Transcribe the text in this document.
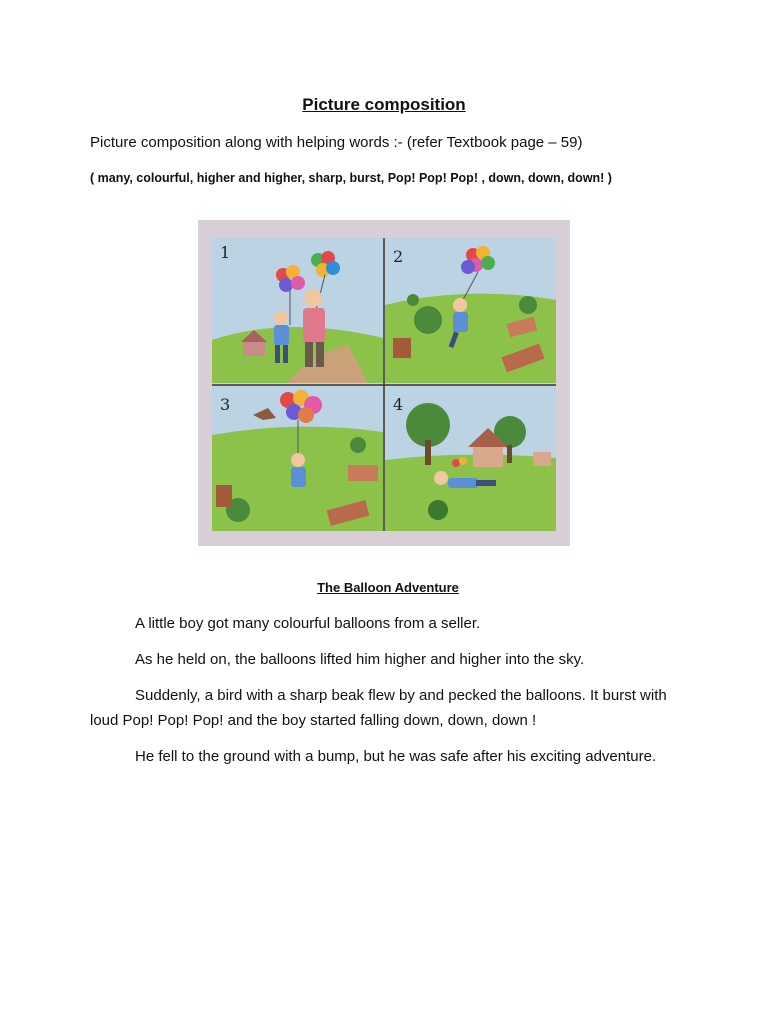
Picture composition
Picture composition along with helping words :- (refer Textbook page – 59)
( many, colourful, higher and higher, sharp, burst, Pop! Pop! Pop! , down, down, down! )
1	2
3	4
The Balloon Adventure
A little boy got many colourful balloons from a seller.
As he held on, the balloons lifted him higher and higher into the sky.
Suddenly, a bird with a sharp beak flew by and pecked the balloons. It burst with loud Pop! Pop! Pop! and the boy started falling down, down, down !
He fell to the ground with a bump, but he was safe after his exciting adventure.
